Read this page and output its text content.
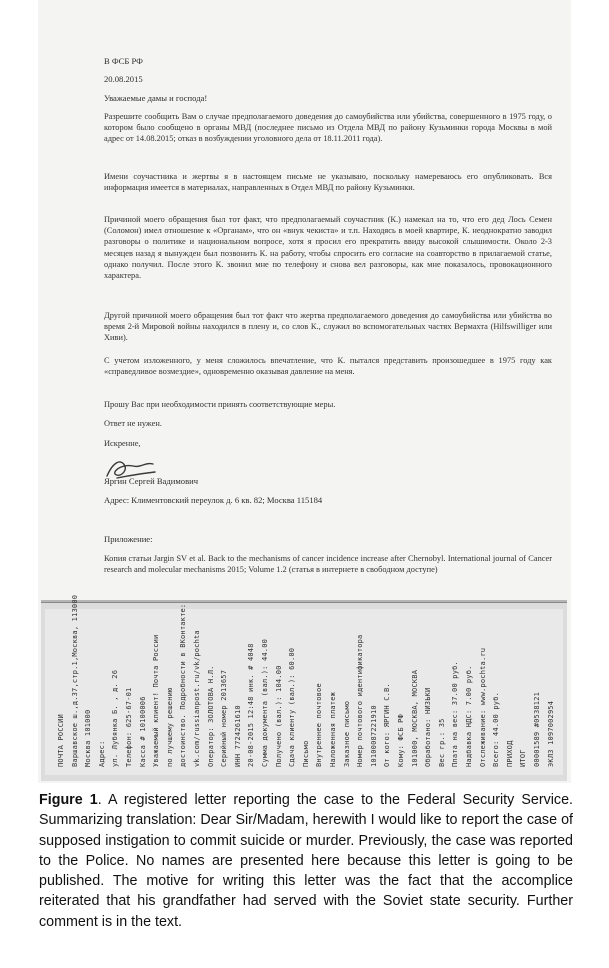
В ФСБ РФ
20.08.2015
Уважаемые дамы и господа!
Разрешите сообщить Вам о случае предполагаемого доведения до самоубийства или убийства, совершенного в 1975 году, о котором было сообщено в органы МВД (последнее письмо из Отдела МВД по району Кузьминки города Москвы в мой адрес от 14.08.2015; отказ в возбуждении уголовного дела от 18.11.2011 года).
Имени соучастника и жертвы я в настоящем письме не указываю, поскольку намереваюсь его опубликовать. Вся информация имеется в материалах, направленных в Отдел МВД по району Кузьминки.
Причиной моего обращения был тот факт, что предполагаемый соучастник (К.) намекал на то, что его дед Лось Семен (Соломон) имел отношение к «Органам», что он «внук чекиста» и т.п. Находясь в моей квартире, К. неоднократно заводил разговоры о политике и национальном вопросе, хотя я просил его прекратить ввиду высокой слышимости. Около 2-3 месяцев назад я вынужден был позвонить К. на работу, чтобы спросить его согласие на соавторство в прилагаемой статье, однако получил. После этого К. звонил мне по телефону и снова вел разговоры, как мне показалось, провокационного характера.
Другой причиной моего обращения был тот факт что жертва предполагаемого доведения до самоубийства или убийства во время 2-й Мировой войны находился в плену и, со слов К., служил во вспомогательных частях Вермахта (Hilfswilliger или Хиви).
С учетом изложенного, у меня сложилось впечатление, что К. пытался представить произошедшее в 1975 году как «справедливое возмездие», одновременно оказывая давление на меня.
Прошу Вас при необходимости принять соответствующие меры.
Ответ не нужен.
Искренне,
Яргин Сергей Вадимович
Адрес: Климентовский переулок д. 6 кв. 82; Москва 115184
Приложение:
Копия статьи Jargin SV et al. Back to the mechanisms of cancer incidence increase after Chernobyl. International journal of Cancer research and molecular mechanisms 2015; Volume 1.2 (статья в интернете в свободном доступе)
ПОЧТА РОССИИ Варшавское ш.,д.37,стр.1,Москва, 113000 Москва 101000 Адрес: ул. Лубянка Б. , д. 26 Телефон: 625-67-01 Касса # 10100006 Уважаемый клиент! Почта России по лучшему решению достоинство. Подробности в ВКонтакте: vk.com/russianpost.ru/vk/pochta Оператор: ЗОЛОТОВА Н.Л. Серийный номер 2013657 ИНН 7724261610 20-08-2015 12:48 инк. # 4048 Сумма документа (вал.): 44.00 Получено (вал.): 104.00 Сдача клиенту (вал.): 60.00 Письмо Внутреннее почтовое Наложенная платеж Заказное письмо Номер почтового идентификатора 10100087221910 От кого: ЯРГИН С.В. Кому: ФСБ РФ 101000, МОСКВА, МОСКВА Обработано: НИЗЬКИ Вес гр.: 35 Плата на вес: 37.00 руб. Надбавка НДС: 7.00 руб. Отслеживание: www.pochta.ru Всего: 44.00 руб. ПРИХОД ИТОГ 00001589 #0538121 ЭКЛЗ 1097002954
Figure 1. A registered letter reporting the case to the Federal Security Service. Summarizing translation: Dear Sir/Madam, herewith I would like to report the case of supposed instigation to commit suicide or murder. Previously, the case was reported to the Police. No names are presented here because this letter is going to be published. The motive for writing this letter was the fact that the accomplice reiterated that his grandfather had served with the Soviet state security. Further comment is in the text.
